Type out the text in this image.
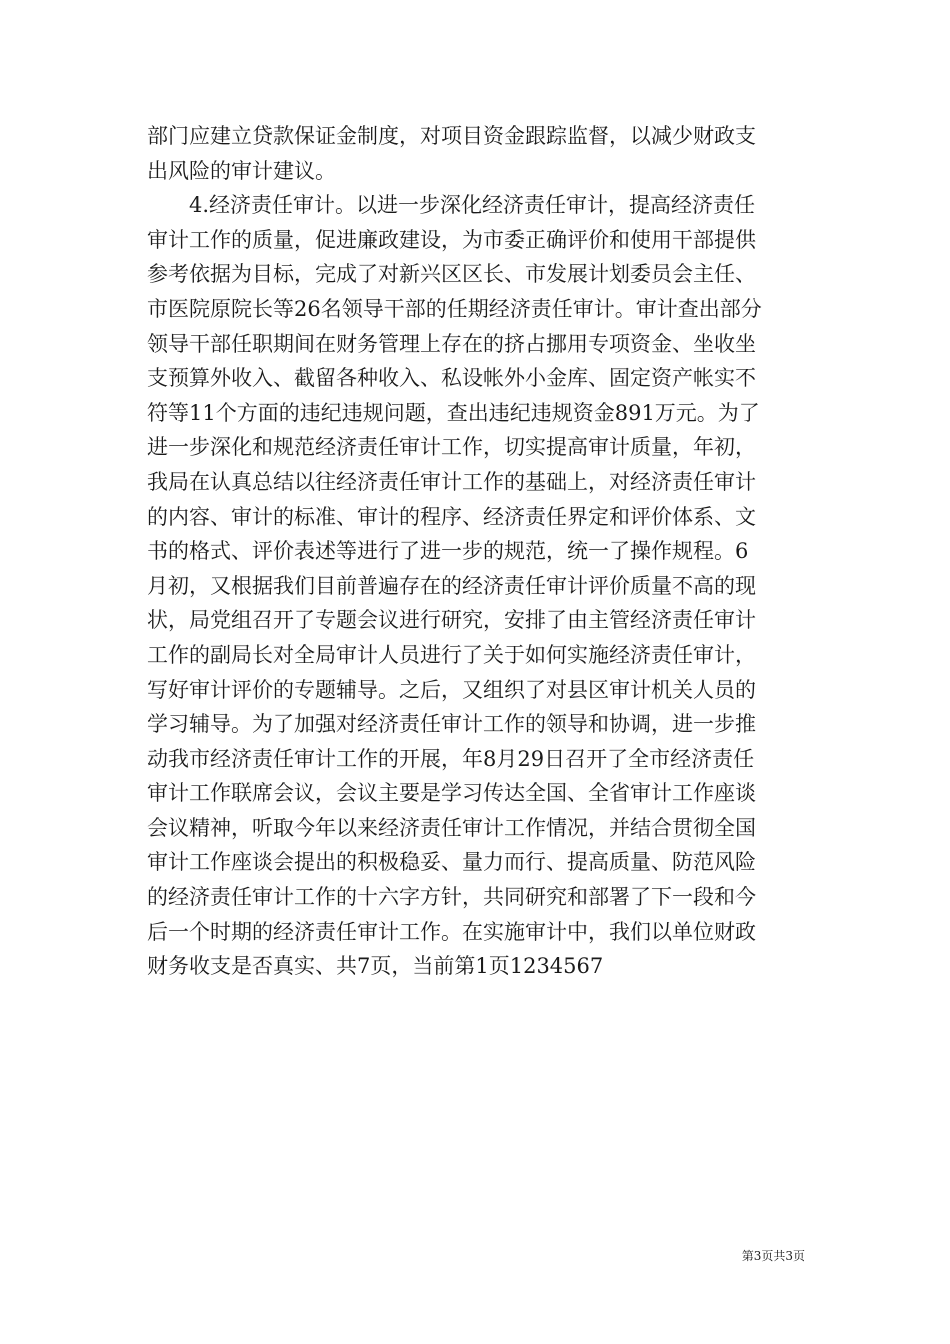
部门应建立贷款保证金制度，对项目资金跟踪监督，以减少财政支
出风险的审计建议。
4.经济责任审计。以进一步深化经济责任审计，提高经济责任
审计工作的质量，促进廉政建设，为市委正确评价和使用干部提供
参考依据为目标，完成了对新兴区区长、市发展计划委员会主任、
市医院原院长等26名领导干部的任期经济责任审计。审计查出部分
领导干部任职期间在财务管理上存在的挤占挪用专项资金、坐收坐
支预算外收入、截留各种收入、私设帐外小金库、固定资产帐实不
符等11个方面的违纪违规问题，查出违纪违规资金891万元。为了
进一步深化和规范经济责任审计工作，切实提高审计质量，年初，
我局在认真总结以往经济责任审计工作的基础上，对经济责任审计
的内容、审计的标准、审计的程序、经济责任界定和评价体系、文
书的格式、评价表述等进行了进一步的规范，统一了操作规程。6
月初，又根据我们目前普遍存在的经济责任审计评价质量不高的现
状，局党组召开了专题会议进行研究，安排了由主管经济责任审计
工作的副局长对全局审计人员进行了关于如何实施经济责任审计，
写好审计评价的专题辅导。之后，又组织了对县区审计机关人员的
学习辅导。为了加强对经济责任审计工作的领导和协调，进一步推
动我市经济责任审计工作的开展，年8月29日召开了全市经济责任
审计工作联席会议，会议主要是学习传达全国、全省审计工作座谈
会议精神，听取今年以来经济责任审计工作情况，并结合贯彻全国
审计工作座谈会提出的积极稳妥、量力而行、提高质量、防范风险
的经济责任审计工作的十六字方针，共同研究和部署了下一段和今
后一个时期的经济责任审计工作。在实施审计中，我们以单位财政
财务收支是否真实、共7页，当前第1页1234567
第3页共3页
